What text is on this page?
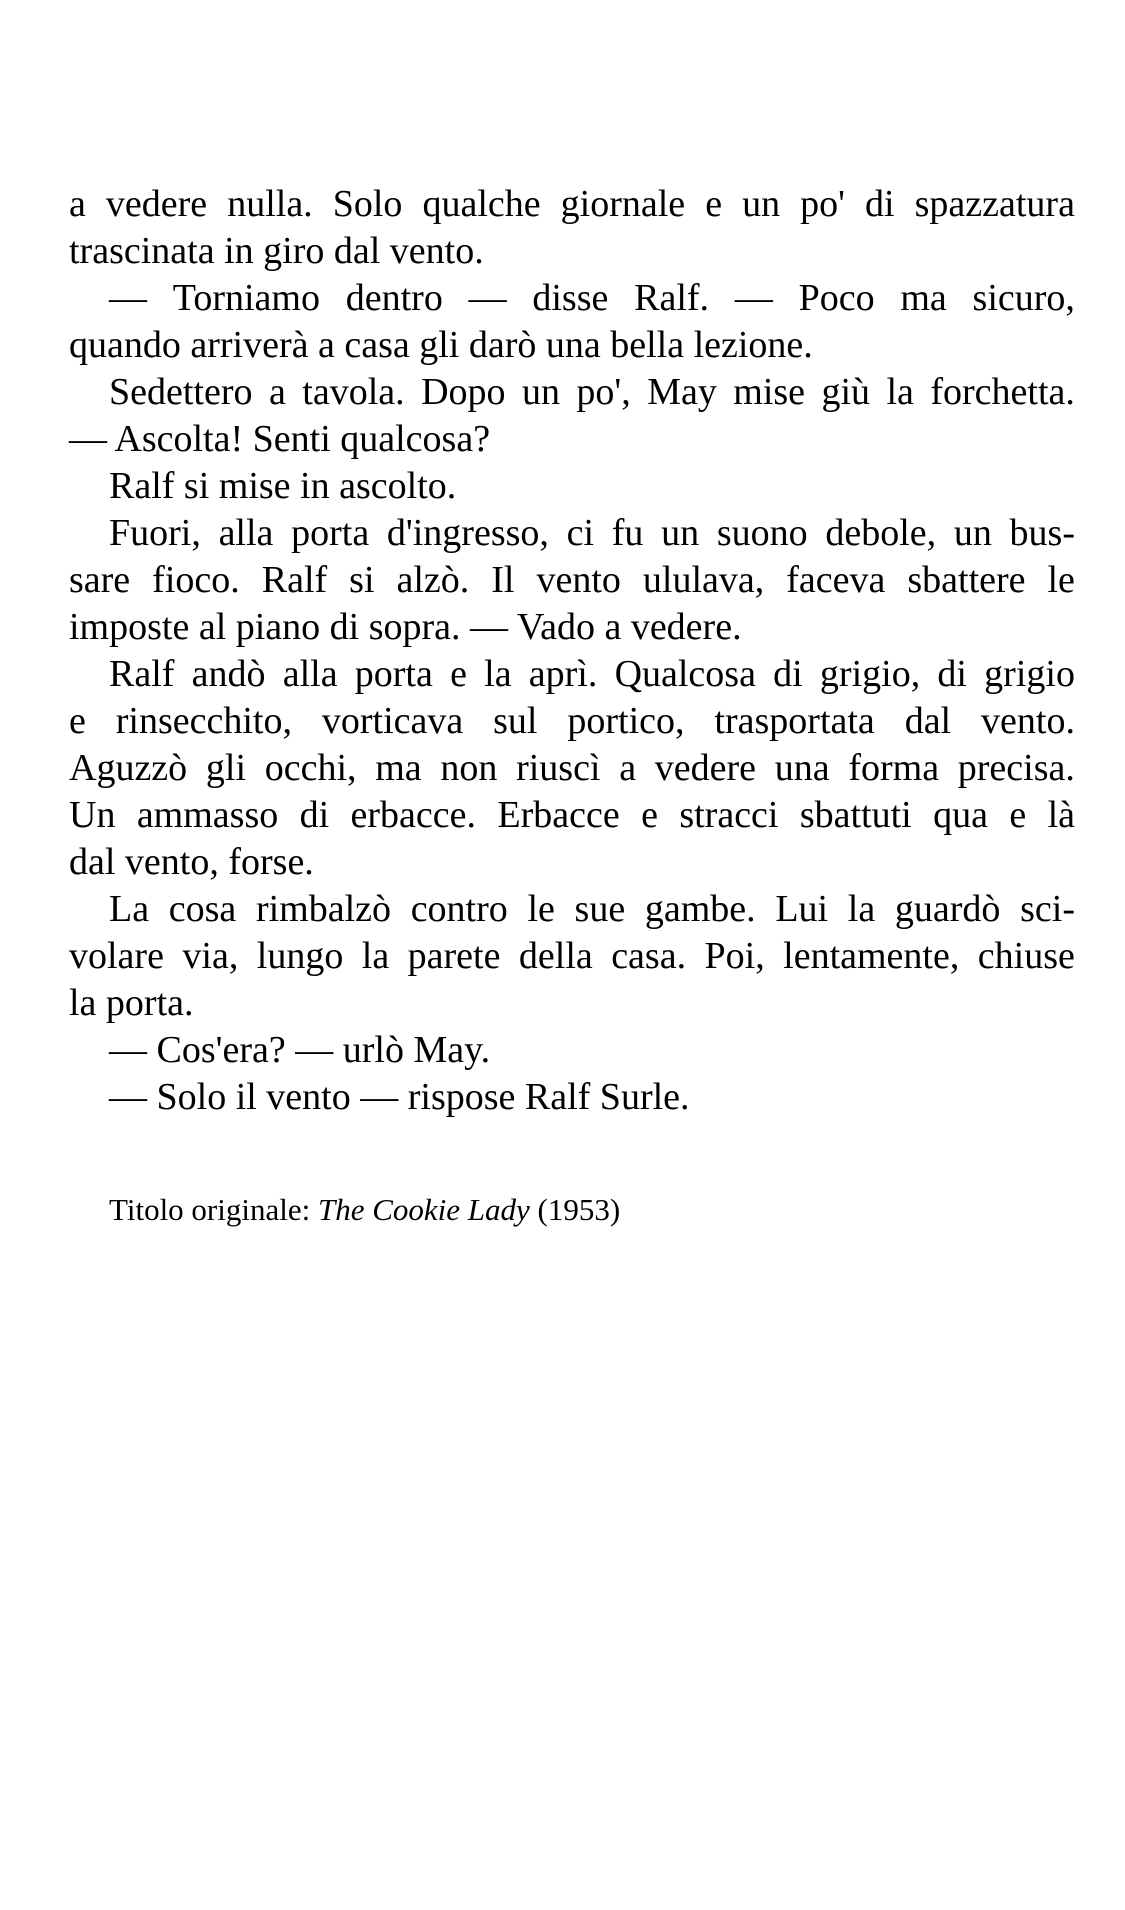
a vedere nulla. Solo qualche giornale e un po' di spazzatura
trascinata in giro dal vento.
— Torniamo dentro — disse Ralf. — Poco ma sicuro,
quando arriverà a casa gli darò una bella lezione.
Sedettero a tavola. Dopo un po', May mise giù la forchetta.
— Ascolta! Senti qualcosa?
Ralf si mise in ascolto.
Fuori, alla porta d'ingresso, ci fu un suono debole, un bus-
sare fioco. Ralf si alzò. Il vento ululava, faceva sbattere le
imposte al piano di sopra. — Vado a vedere.
Ralf andò alla porta e la aprì. Qualcosa di grigio, di grigio
e rinsecchito, vorticava sul portico, trasportata dal vento.
Aguzzò gli occhi, ma non riuscì a vedere una forma precisa.
Un ammasso di erbacce. Erbacce e stracci sbattuti qua e là
dal vento, forse.
La cosa rimbalzò contro le sue gambe. Lui la guardò sci-
volare via, lungo la parete della casa. Poi, lentamente, chiuse
la porta.
— Cos'era? — urlò May.
— Solo il vento — rispose Ralf Surle.
Titolo originale: The Cookie Lady (1953)
